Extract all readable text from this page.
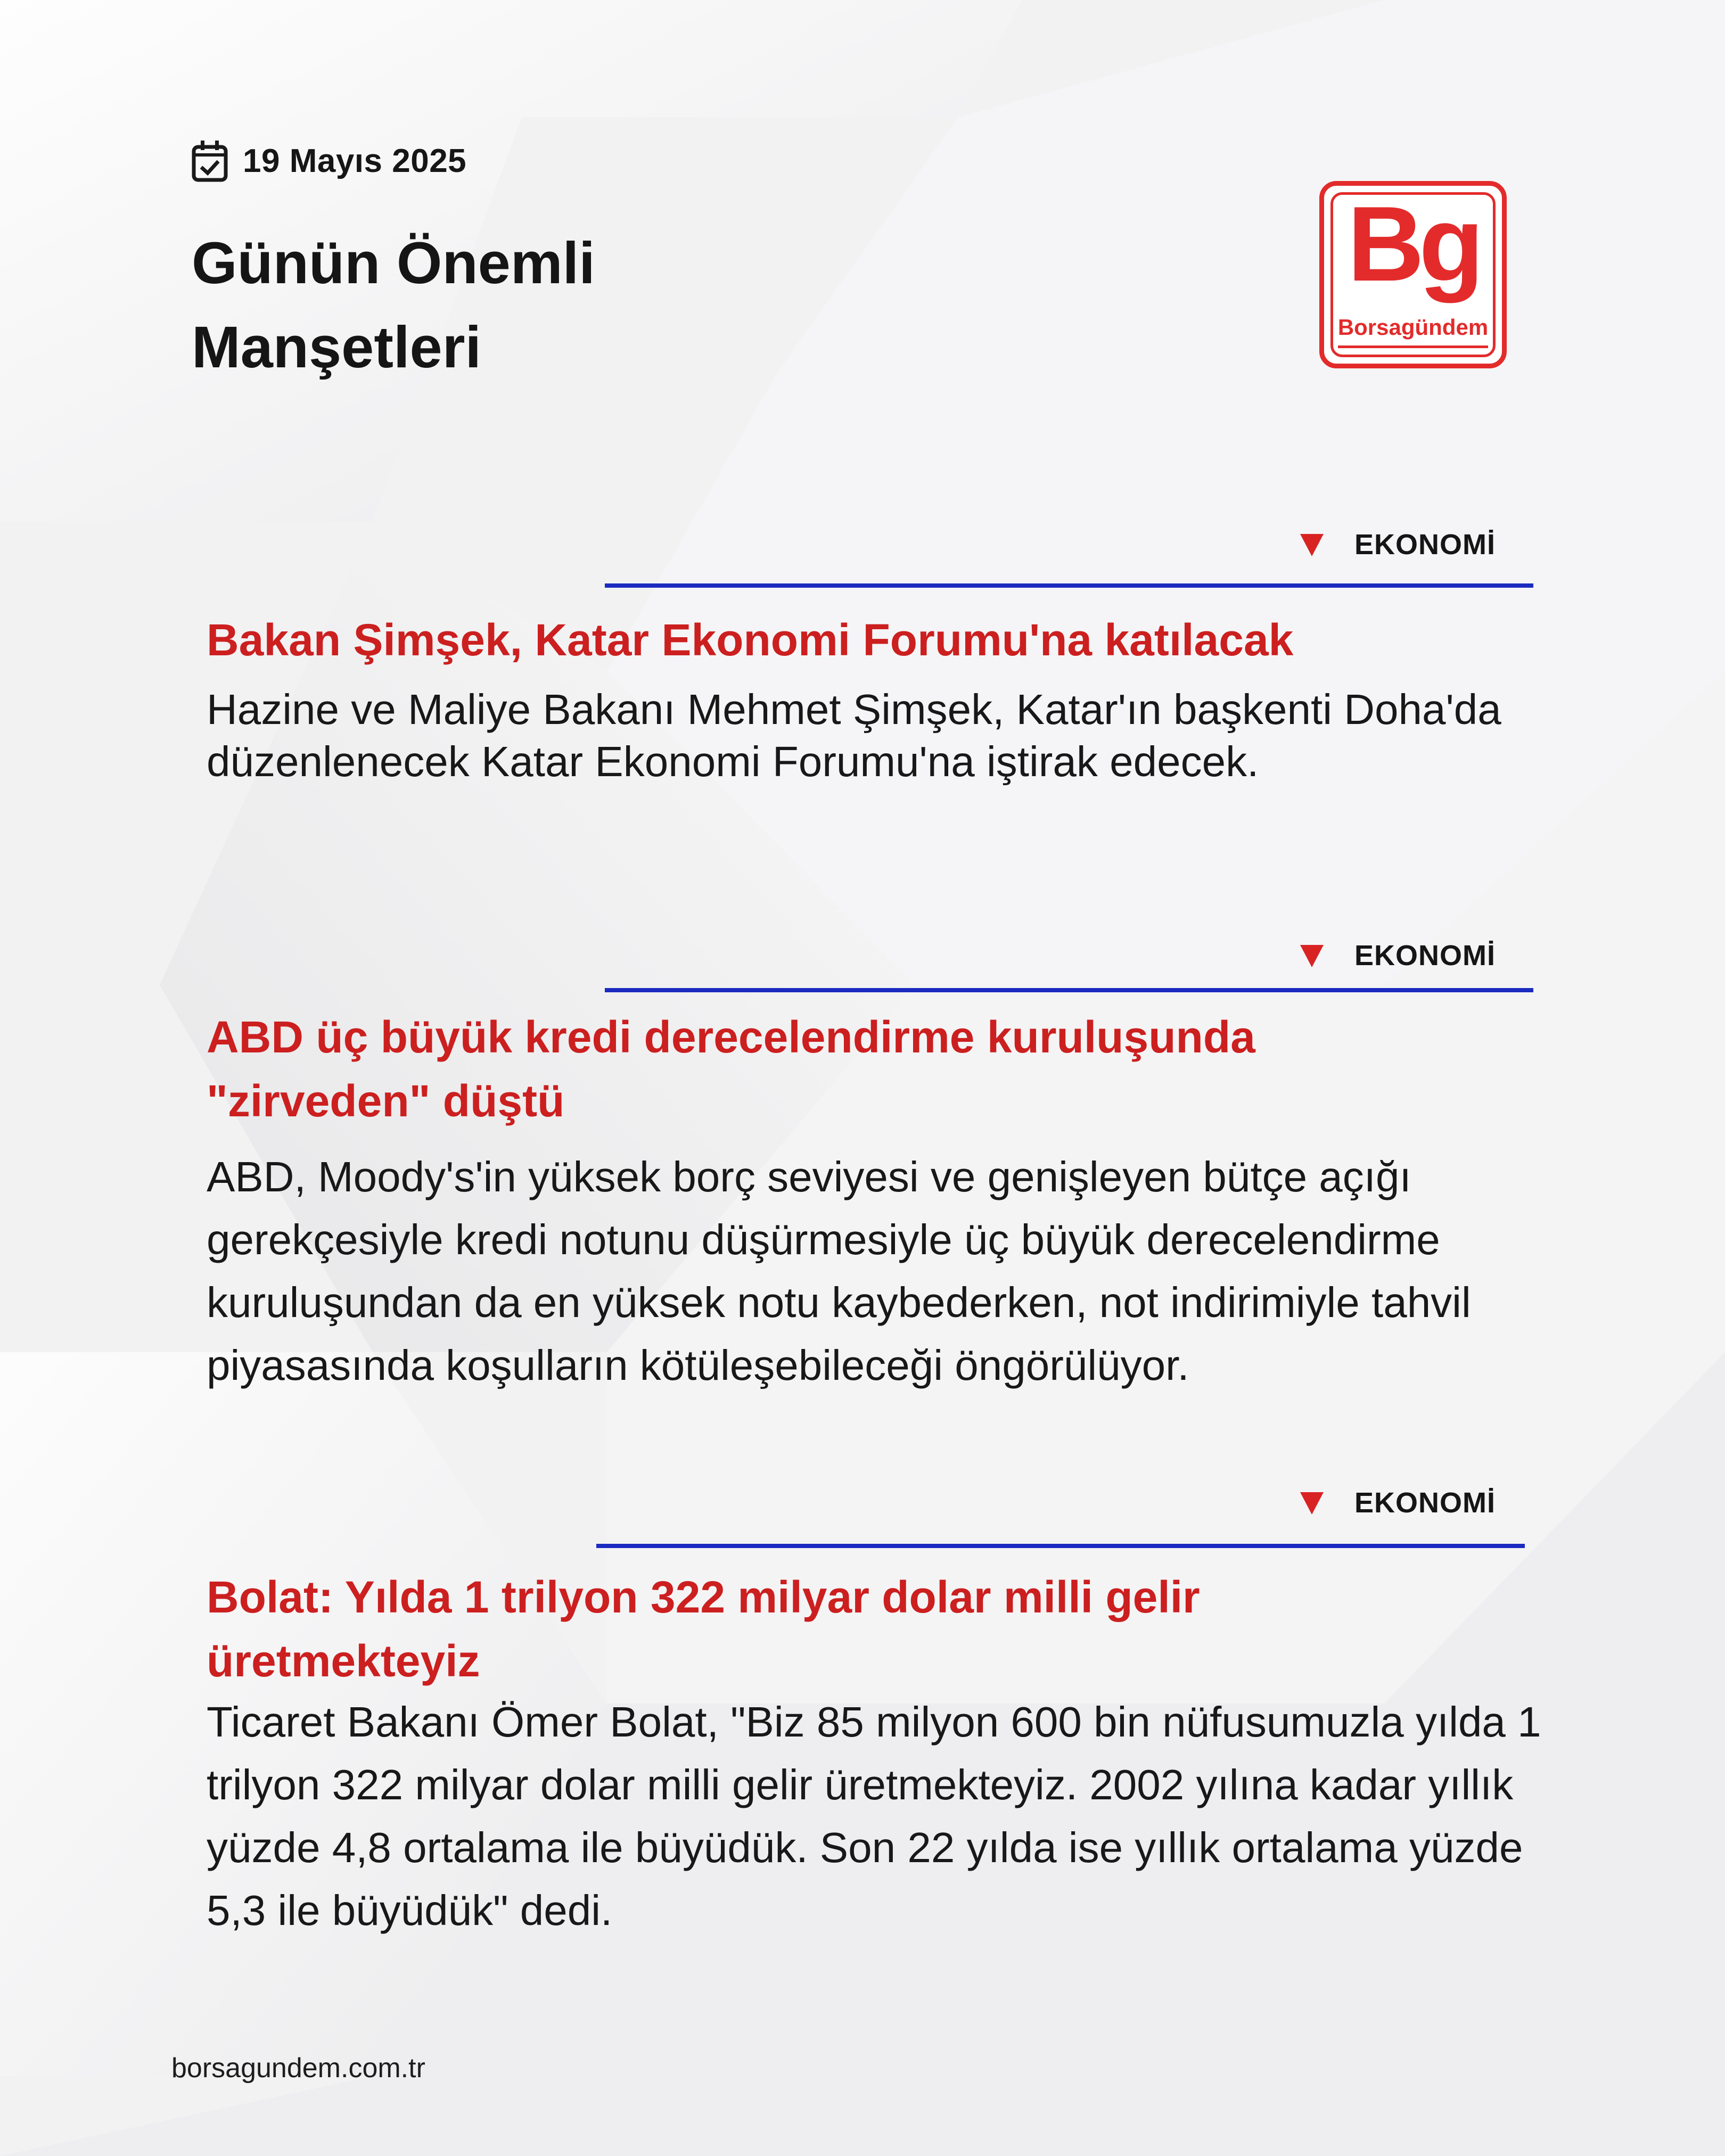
19 Mayıs 2025
Günün Önemli
Manşetleri
Bg
Borsagündem
EKONOMİ
Bakan Şimşek, Katar Ekonomi Forumu'na katılacak

Hazine ve Maliye Bakanı Mehmet Şimşek, Katar'ın başkenti Doha'da düzenlenecek Katar Ekonomi Forumu'na iştirak edecek.

EKONOMİ
ABD üç büyük kredi derecelendirme kuruluşunda "zirveden" düştü

ABD, Moody's'in yüksek borç seviyesi ve genişleyen bütçe açığı gerekçesiyle kredi notunu düşürmesiyle üç büyük derecelendirme kuruluşundan da en yüksek notu kaybederken, not indirimiyle tahvil piyasasında koşulların kötüleşebileceği öngörülüyor.

EKONOMİ
Bolat: Yılda 1 trilyon 322 milyar dolar milli gelir üretmekteyiz

Ticaret Bakanı Ömer Bolat, "Biz 85 milyon 600 bin nüfusumuzla yılda 1 trilyon 322 milyar dolar milli gelir üretmekteyiz. 2002 yılına kadar yıllık yüzde 4,8 ortalama ile büyüdük. Son 22 yılda ise yıllık ortalama yüzde 5,3 ile büyüdük" dedi.

borsagundem.com.tr
